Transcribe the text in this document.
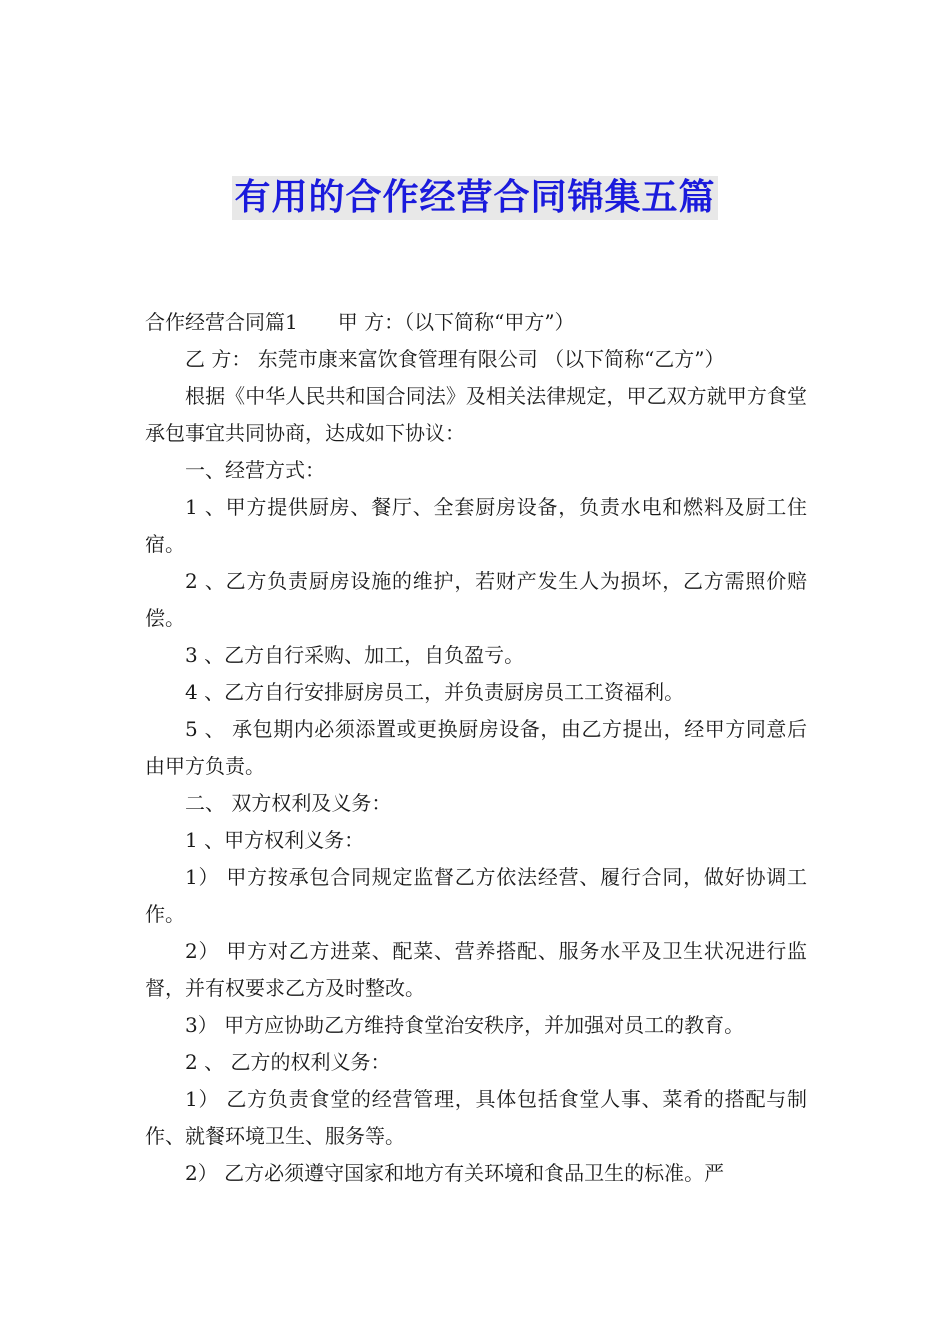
有用的合作经营合同锦集五篇

合作经营合同篇1 甲 方：（以下简称“甲方”）

乙 方： 东莞市康来富饮食管理有限公司 （以下简称“乙方”）

根据《中华人民共和国合同法》及相关法律规定，甲乙双方就甲方食堂承包事宜共同协商，达成如下协议：

一、经营方式：

1 、甲方提供厨房、餐厅、全套厨房设备，负责水电和燃料及厨工住宿。

2 、乙方负责厨房设施的维护，若财产发生人为损坏，乙方需照价赔偿。

3 、乙方自行采购、加工，自负盈亏。

4 、乙方自行安排厨房员工，并负责厨房员工工资福利。

5 、 承包期内必须添置或更换厨房设备，由乙方提出，经甲方同意后由甲方负责。

二、 双方权利及义务：

1 、甲方权利义务：

1） 甲方按承包合同规定监督乙方依法经营、履行合同，做好协调工作。

2） 甲方对乙方进菜、配菜、营养搭配、服务水平及卫生状况进行监督，并有权要求乙方及时整改。

3） 甲方应协助乙方维持食堂治安秩序，并加强对员工的教育。

2 、 乙方的权利义务：

1） 乙方负责食堂的经营管理，具体包括食堂人事、菜肴的搭配与制作、就餐环境卫生、服务等。

2） 乙方必须遵守国家和地方有关环境和食品卫生的标准。严
